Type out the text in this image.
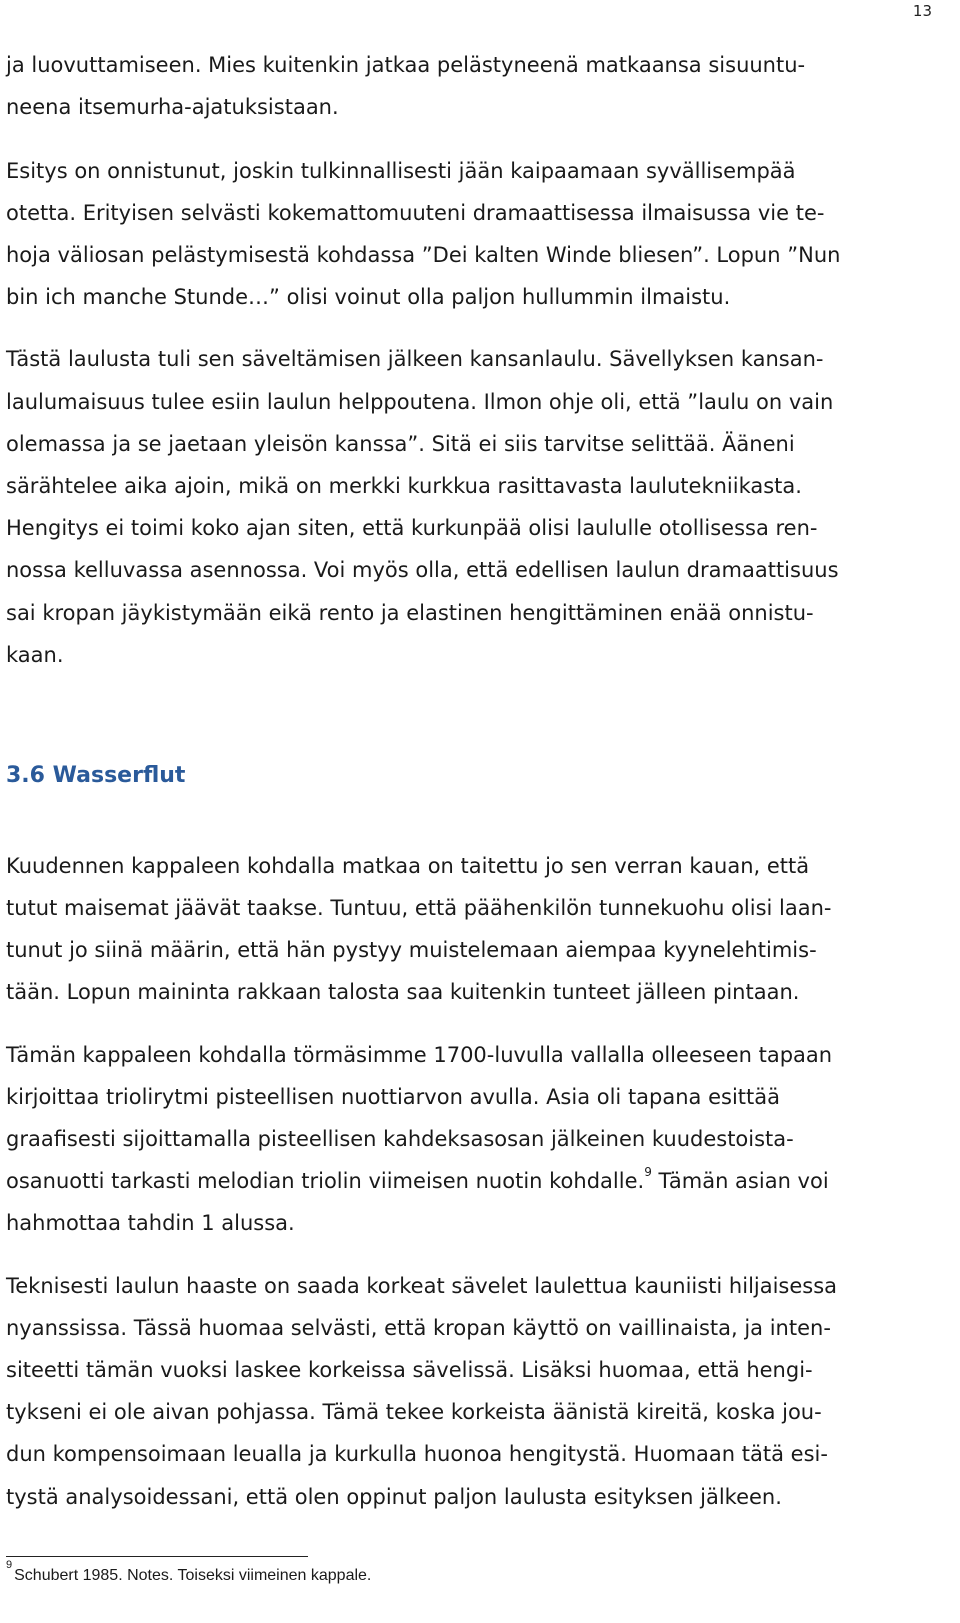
13
ja luovuttamiseen. Mies kuitenkin jatkaa pelästyneenä matkaansa sisuuntu-
neena itsemurha-ajatuksistaan.
Esitys on onnistunut, joskin tulkinnallisesti jään kaipaamaan syvällisempää
otetta. Erityisen selvästi kokemattomuuteni dramaattisessa ilmaisussa vie te-
hoja väliosan pelästymisestä kohdassa ”Dei kalten Winde bliesen”. Lopun ”Nun
bin ich manche Stunde…” olisi voinut olla paljon hullummin ilmaistu.
Tästä laulusta tuli sen säveltämisen jälkeen kansanlaulu. Sävellyksen kansan-
laulumaisuus tulee esiin laulun helppoutena. Ilmon ohje oli, että ”laulu on vain
olemassa ja se jaetaan yleisön kanssa”. Sitä ei siis tarvitse selittää. Ääneni
särähtelee aika ajoin, mikä on merkki kurkkua rasittavasta laulutekniikasta.
Hengitys ei toimi koko ajan siten, että kurkunpää olisi laululle otollisessa ren-
nossa kelluvassa asennossa. Voi myös olla, että edellisen laulun dramaattisuus
sai kropan jäykistymään eikä rento ja elastinen hengittäminen enää onnistu-
kaan.
3.6 Wasserflut
Kuudennen kappaleen kohdalla matkaa on taitettu jo sen verran kauan, että
tutut maisemat jäävät taakse. Tuntuu, että päähenkilön tunnekuohu olisi laan-
tunut jo siinä määrin, että hän pystyy muistelemaan aiempaa kyynelehtimis-
tään. Lopun maininta rakkaan talosta saa kuitenkin tunteet jälleen pintaan.
Tämän kappaleen kohdalla törmäsimme 1700-luvulla vallalla olleeseen tapaan
kirjoittaa triolirytmi pisteellisen nuottiarvon avulla. Asia oli tapana esittää
graafisesti sijoittamalla pisteellisen kahdeksasosan jälkeinen kuudestoista-
osanuotti tarkasti melodian triolin viimeisen nuotin kohdalle.$^9$ Tämän asian voi
hahmottaa tahdin 1 alussa.
Teknisesti laulun haaste on saada korkeat sävelet laulettua kauniisti hiljaisessa
nyanssissa. Tässä huomaa selvästi, että kropan käyttö on vaillinaista, ja inten-
siteetti tämän vuoksi laskee korkeissa sävelissä. Lisäksi huomaa, että hengi-
tykseni ei ole aivan pohjassa. Tämä tekee korkeista äänistä kireitä, koska jou-
dun kompensoimaan leualla ja kurkulla huonoa hengitystä. Huomaan tätä esi-
tystä analysoidessani, että olen oppinut paljon laulusta esityksen jälkeen.
$^9$Schubert 1985. Notes. Toiseksi viimeinen kappale.
